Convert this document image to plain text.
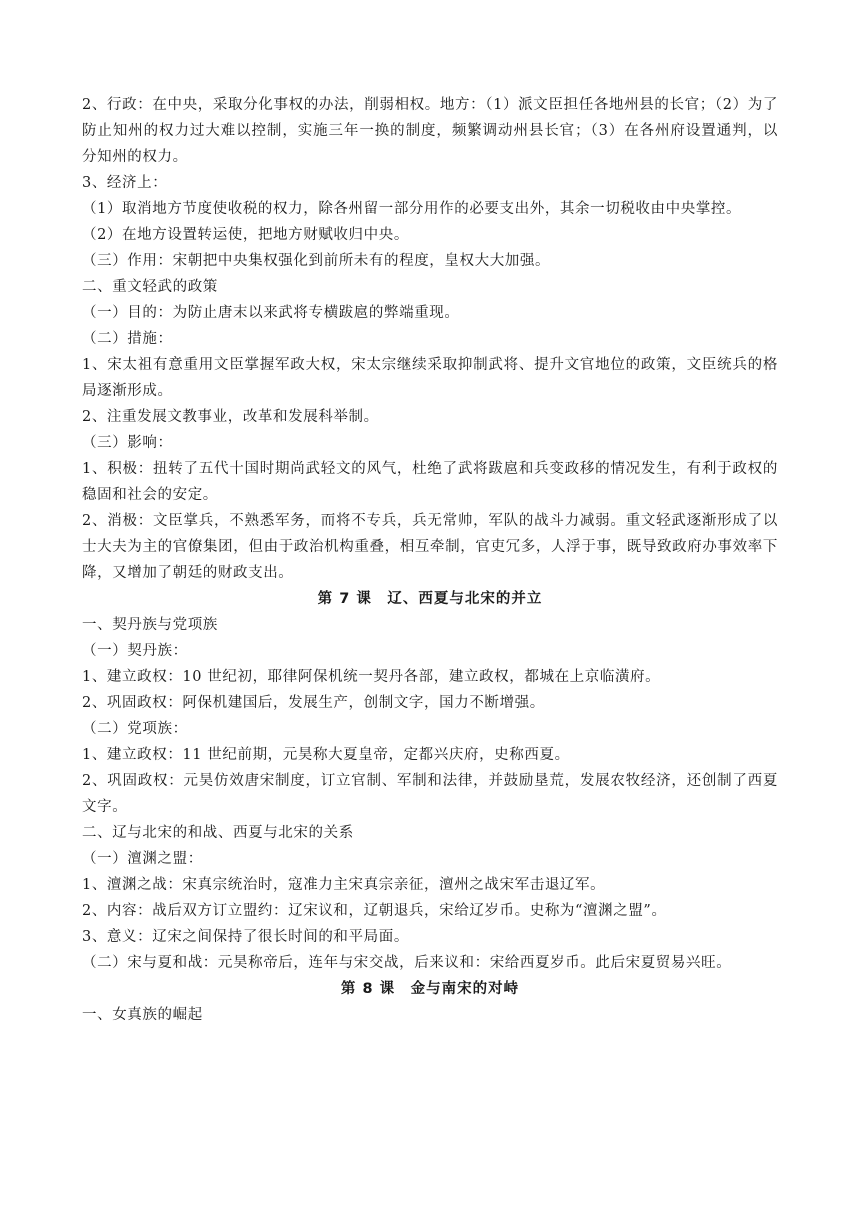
2、行政：在中央，采取分化事权的办法，削弱相权。地方：（1）派文臣担任各地州县的长官；（2）为了防止知州的权力过大难以控制，实施三年一换的制度，频繁调动州县长官；（3）在各州府设置通判，以分知州的权力。

3、经济上：

（1）取消地方节度使收税的权力，除各州留一部分用作的必要支出外，其余一切税收由中央掌控。

（2）在地方设置转运使，把地方财赋收归中央。

（三）作用：宋朝把中央集权强化到前所未有的程度，皇权大大加强。

二、重文轻武的政策

（一）目的：为防止唐末以来武将专横跋扈的弊端重现。

（二）措施：

1、宋太祖有意重用文臣掌握军政大权，宋太宗继续采取抑制武将、提升文官地位的政策，文臣统兵的格局逐渐形成。

2、注重发展文教事业，改革和发展科举制。

（三）影响：

1、积极：扭转了五代十国时期尚武轻文的风气，杜绝了武将跋扈和兵变政移的情况发生，有利于政权的稳固和社会的安定。

2、消极：文臣掌兵，不熟悉军务，而将不专兵，兵无常帅，军队的战斗力减弱。重文轻武逐渐形成了以士大夫为主的官僚集团，但由于政治机构重叠，相互牵制，官吏冗多，人浮于事，既导致政府办事效率下降，又增加了朝廷的财政支出。

第 7 课　辽、西夏与北宋的并立

一、契丹族与党项族

（一）契丹族：

1、建立政权：10 世纪初，耶律阿保机统一契丹各部，建立政权，都城在上京临潢府。

2、巩固政权：阿保机建国后，发展生产，创制文字，国力不断增强。

（二）党项族：

1、建立政权：11 世纪前期，元昊称大夏皇帝，定都兴庆府，史称西夏。

2、巩固政权：元昊仿效唐宋制度，订立官制、军制和法律，并鼓励垦荒，发展农牧经济，还创制了西夏文字。

二、辽与北宋的和战、西夏与北宋的关系

（一）澶渊之盟：

1、澶渊之战：宋真宗统治时，寇准力主宋真宗亲征，澶州之战宋军击退辽军。

2、内容：战后双方订立盟约：辽宋议和，辽朝退兵，宋给辽岁币。史称为“澶渊之盟”。

3、意义：辽宋之间保持了很长时间的和平局面。

（二）宋与夏和战：元昊称帝后，连年与宋交战，后来议和：宋给西夏岁币。此后宋夏贸易兴旺。

第 8 课　金与南宋的对峙

一、女真族的崛起
